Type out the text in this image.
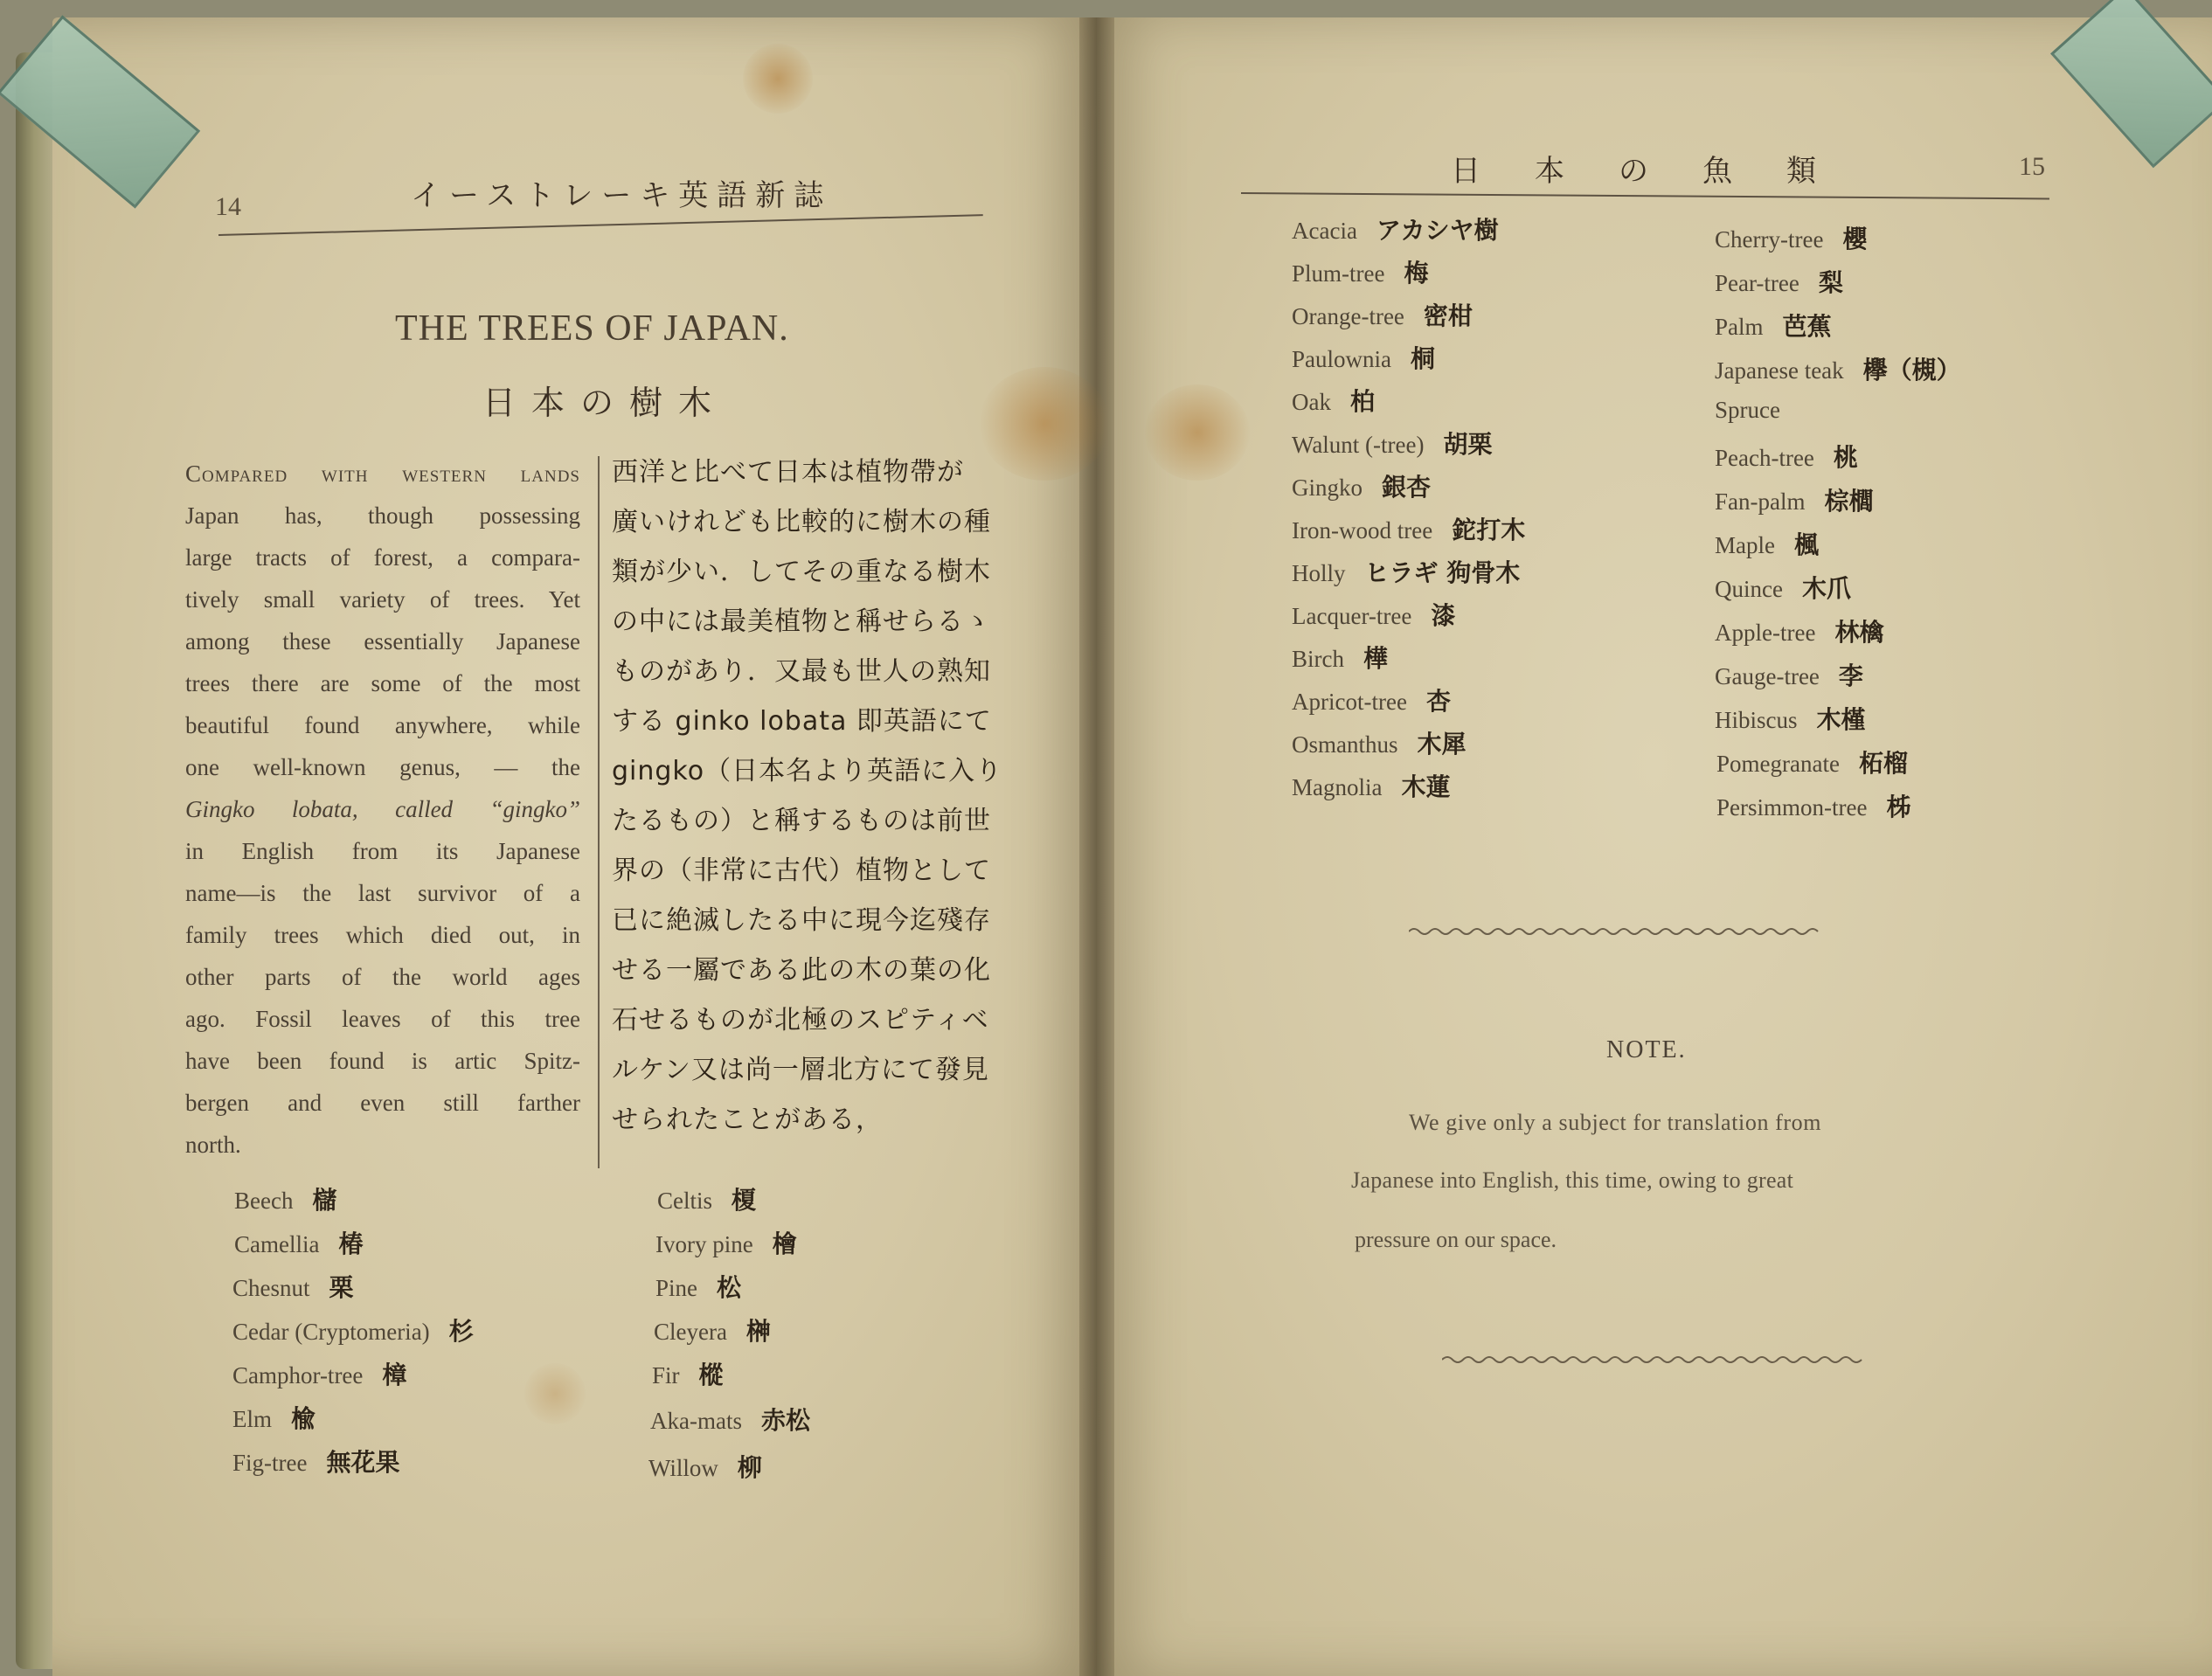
14	イーストレーキ英語新誌
THE TREES OF JAPAN.
日本の樹木
Compared with western lands
Japan has, though possessing
large tracts of forest, a compara-
tively small variety of trees. Yet
among these essentially Japanese
trees there are some of the most
beautiful found anywhere, while
one well-known genus, — the
Gingko lobata, called “gingko”
in English from its Japanese
name—is the last survivor of a
family trees which died out, in
other parts of the world ages
ago. Fossil leaves of this tree
have been found is artic Spitz-
bergen and even still farther
north.
西洋と比べて日本は植物帶が
廣いけれども比較的に樹木の種
類が少い．してその重なる樹木
の中には最美植物と稱せらるゝ
ものがあり．又最も世人の熟知
する ginko lobata 即英語にて
gingko（日本名より英語に入り
たるもの）と稱するものは前世
界の（非常に古代）植物として
已に絶滅したる中に現今迄殘存
せる一屬である此の木の葉の化
石せるものが北極のスピティベ
ルケン又は尚一層北方にて發見
せられたことがある，
Beech 櫧
Camellia 椿
Chesnut 栗
Cedar (Cryptomeria) 杉
Camphor-tree 樟
Elm 楡
Fig-tree 無花果
Celtis 榎
Ivory pine 檜
Pine 松
Cleyera 榊
Fir 樅
Aka-mats 赤松
Willow 柳
日本の魚類	15
Acacia アカシヤ樹
Plum-tree 梅
Orange-tree 密柑
Paulownia 桐
Oak 柏
Walunt (-tree) 胡栗
Gingko 銀杏
Iron-wood tree 鉈打木
Holly ヒラギ 狗骨木
Lacquer-tree 漆
Birch 樺
Apricot-tree 杏
Osmanthus 木犀
Magnolia 木蓮
Cherry-tree 櫻
Pear-tree 梨
Palm 芭蕉
Japanese teak 欅（槻）
Spruce
Peach-tree 桃
Fan-palm 棕櫚
Maple 楓
Quince 木爪
Apple-tree 林檎
Gauge-tree 李
Hibiscus 木槿
Pomegranate 柘榴
Persimmon-tree 柹
NOTE.
We give only a subject for translation from
Japanese into English, this time, owing to great
pressure on our space.
